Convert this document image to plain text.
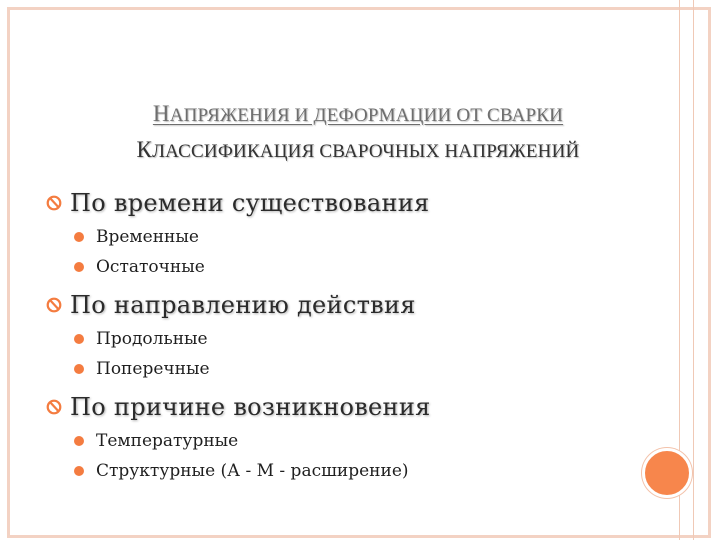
НАПРЯЖЕНИЯ И ДЕФОРМАЦИИ ОТ СВАРКИ
КЛАССИФИКАЦИЯ СВАРОЧНЫХ НАПРЯЖЕНИЙ
По времени существования
Временные
Остаточные
По направлению действия
Продольные
Поперечные
По причине возникновения
Температурные
Структурные (А - М - расширение)
